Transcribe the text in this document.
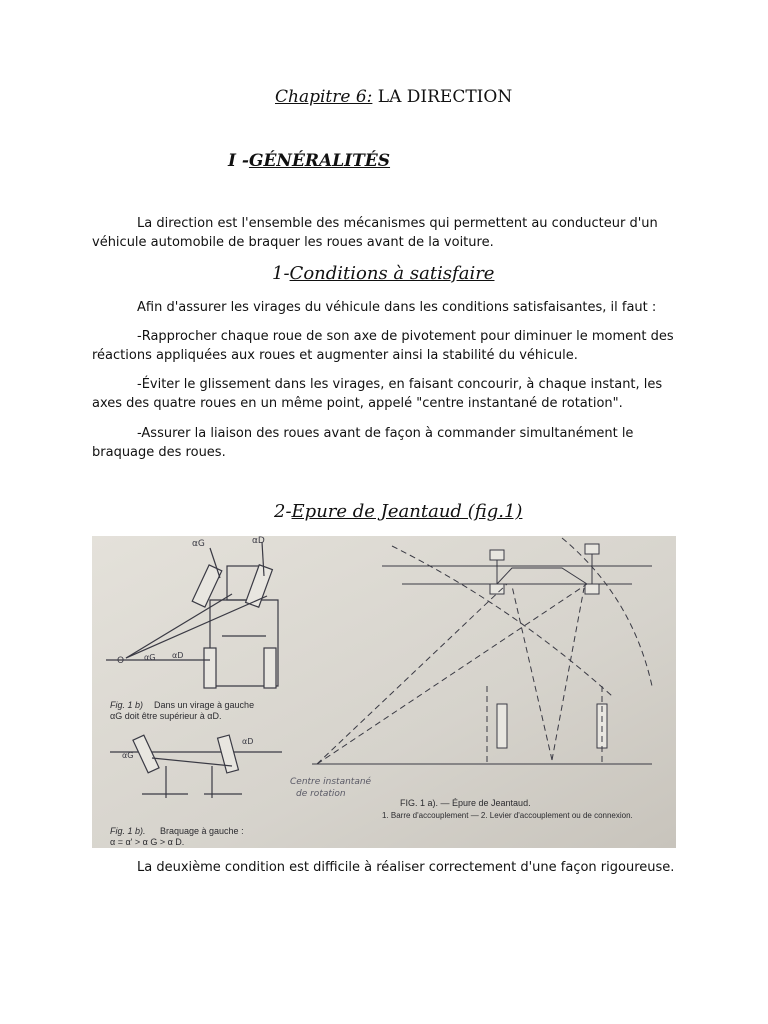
Chapitre 6: LA DIRECTION
I -GÉNÉRALITÉS
La direction est l'ensemble des mécanismes qui permettent au conducteur d'un véhicule automobile de braquer les roues avant de la voiture.
1-Conditions à satisfaire
Afin d'assurer les virages du véhicule dans les conditions satisfaisantes, il faut :
-Rapprocher chaque roue de son axe de pivotement pour diminuer le moment des réactions appliquées aux roues et augmenter ainsi la stabilité du véhicule.
-Éviter le glissement dans les virages, en faisant concourir, à chaque instant, les axes des quatre roues en un même point, appelé "centre instantané de rotation".
-Assurer la liaison des roues avant de façon à commander simultanément le braquage des roues.
2-Epure de Jeantaud (fig.1)
αG	αD
O αG αD
Fig. 1 b) Dans un virage à gauche
αG doit être supérieur à αD.
αG
αD
Fig. 1 b). Braquage à gauche :
α = α' > α G > α D.
Centre instantané
de rotation
FIG. 1 a). — Épure de Jeantaud.
1. Barre d'accouplement — 2. Levier d'accouplement ou de connexion.
La deuxième condition est difficile à réaliser correctement d'une façon rigoureuse.
